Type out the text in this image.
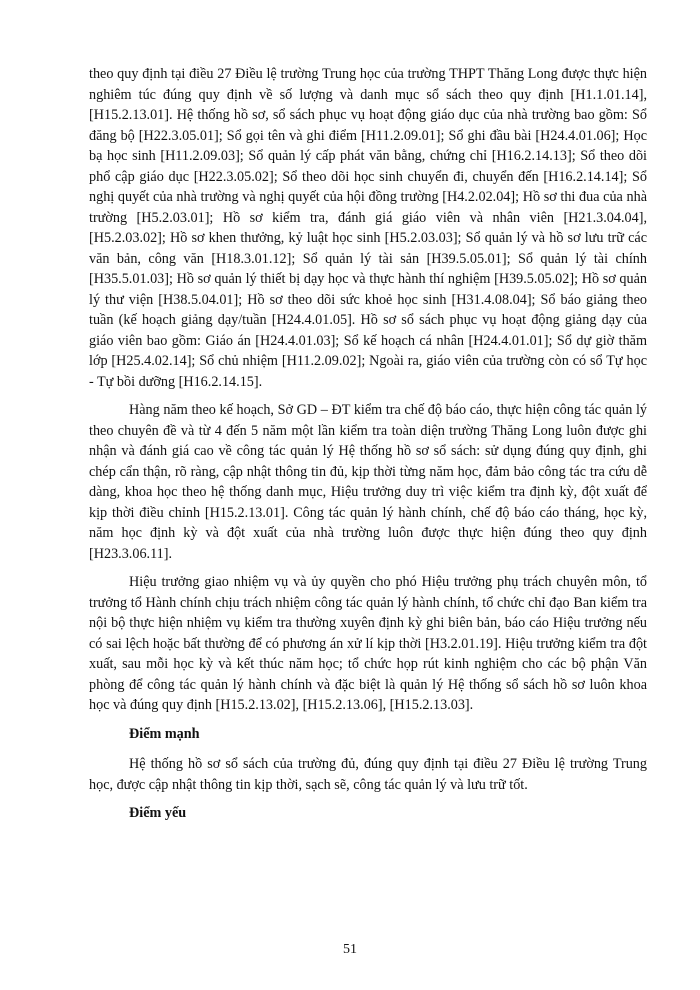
theo quy định tại điều 27 Điều lệ trường Trung học của trường THPT Thăng Long được thực hiện nghiêm túc đúng quy định về số lượng và danh mục sổ sách theo quy định [H1.1.01.14], [H15.2.13.01]. Hệ thống hồ sơ, sổ sách phục vụ hoạt động giáo dục của nhà trường bao gồm: Sổ đăng bộ [H22.3.05.01]; Sổ gọi tên và ghi điểm [H11.2.09.01]; Sổ ghi đầu bài [H24.4.01.06]; Học bạ học sinh [H11.2.09.03]; Sổ quản lý cấp phát văn bằng, chứng chỉ [H16.2.14.13]; Sổ theo dõi phổ cập giáo dục [H22.3.05.02]; Sổ theo dõi học sinh chuyển đi, chuyển đến [H16.2.14.14]; Sổ nghị quyết của nhà trường và nghị quyết của hội đồng trường [H4.2.02.04]; Hồ sơ thi đua của nhà trường [H5.2.03.01]; Hồ sơ kiểm tra, đánh giá giáo viên và nhân viên [H21.3.04.04], [H5.2.03.02]; Hồ sơ khen thưởng, kỷ luật học sinh [H5.2.03.03]; Sổ quản lý và hồ sơ lưu trữ các văn bản, công văn [H18.3.01.12]; Sổ quản lý tài sản [H39.5.05.01]; Sổ quản lý tài chính [H35.5.01.03]; Hồ sơ quản lý thiết bị dạy học và thực hành thí nghiệm [H39.5.05.02]; Hồ sơ quản lý thư viện [H38.5.04.01]; Hồ sơ theo dõi sức khoẻ học sinh [H31.4.08.04]; Sổ báo giảng theo tuần (kế hoạch giảng dạy/tuần [H24.4.01.05]. Hồ sơ sổ sách phục vụ hoạt động giảng dạy của giáo viên bao gồm: Giáo án [H24.4.01.03]; Sổ kế hoạch cá nhân [H24.4.01.01]; Sổ dự giờ thăm lớp [H25.4.02.14]; Sổ chủ nhiệm [H11.2.09.02]; Ngoài ra, giáo viên của trường còn có sổ Tự học - Tự bồi dưỡng [H16.2.14.15].

Hàng năm theo kế hoạch, Sở GD – ĐT kiểm tra chế độ báo cáo, thực hiện công tác quản lý theo chuyên đề và từ 4 đến 5 năm một lần kiểm tra toàn diện trường Thăng Long luôn được ghi nhận và đánh giá cao về công tác quản lý Hệ thống hồ sơ sổ sách: sử dụng đúng quy định, ghi chép cẩn thận, rõ ràng, cập nhật thông tin đủ, kịp thời từng năm học, đảm bảo công tác tra cứu dễ dàng, khoa học theo hệ thống danh mục, Hiệu trưởng duy trì việc kiểm tra định kỳ, đột xuất để kịp thời điều chỉnh [H15.2.13.01]. Công tác quản lý hành chính, chế độ báo cáo tháng, học kỳ, năm học định kỳ và đột xuất của nhà trường luôn được thực hiện đúng theo quy định [H23.3.06.11].

Hiệu trưởng giao nhiệm vụ và ủy quyền cho phó Hiệu trưởng phụ trách chuyên môn, tổ trưởng tổ Hành chính chịu trách nhiệm công tác quản lý hành chính, tổ chức chỉ đạo Ban kiểm tra nội bộ thực hiện nhiệm vụ kiểm tra thường xuyên định kỳ ghi biên bản, báo cáo Hiệu trưởng nếu có sai lệch hoặc bất thường để có phương án xử lí kịp thời [H3.2.01.19]. Hiệu trưởng kiểm tra đột xuất, sau mỗi học kỳ và kết thúc năm học; tổ chức họp rút kinh nghiệm cho các bộ phận Văn phòng để công tác quản lý hành chính và đặc biệt là quản lý Hệ thống sổ sách hồ sơ luôn khoa học và đúng quy định [H15.2.13.02], [H15.2.13.06], [H15.2.13.03].

Điểm mạnh

Hệ thống hồ sơ sổ sách của trường đủ, đúng quy định tại điều 27 Điều lệ trường Trung học, được cập nhật thông tin kịp thời, sạch sẽ, công tác quản lý và lưu trữ tốt.

Điểm yếu

51
